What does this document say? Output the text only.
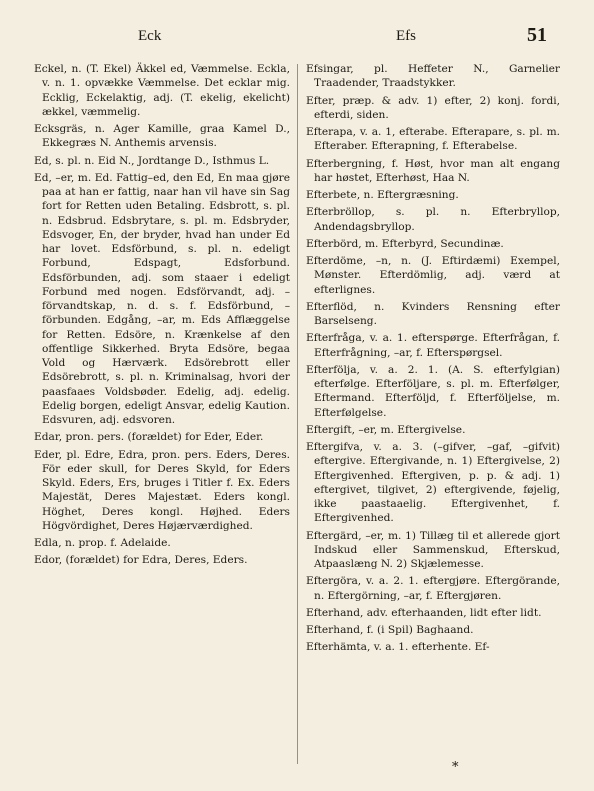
Eck	Efs	51

Eckel, n. (T. Ekel) Äkkel ed, Væmmelse. Eckla, v. n. 1. opvække Væmmelse. Det ecklar mig. Ecklig, Eckelaktig, adj. (T. ekelig, ekelicht) ækkel, væmmelig.

Ecksgräs, n. Ager Kamille, graa Kamel D., Ekkegræs N. Anthemis arvensis.

Ed, s. pl. n. Eid N., Jordtange D., Isthmus L.

Ed, –er, m. Ed. Fattig–ed, den Ed, En maa gjøre paa at han er fattig, naar han vil have sin Sag fort for Retten uden Betaling. Edsbrott, s. pl. n. Edsbrud. Edsbrytare, s. pl. m. Edsbryder, Edsvoger, En, der bryder, hvad han under Ed har lovet. Edsförbund, s. pl. n. edeligt Forbund, Edspagt, Edsforbund. Edsförbunden, adj. som staaer i edeligt Forbund med nogen. Edsförvandt, adj. –förvandtskap, n. d. s. f. Edsförbund, –förbunden. Edgång, –ar, m. Eds Afflæggelse for Retten. Edsöre, n. Krænkelse af den offentlige Sikkerhed. Bryta Edsöre, begaa Vold og Hærværk. Edsörebrott eller Edsörebrott, s. pl. n. Kriminalsag, hvori der paasfaaes Voldsbøder. Edelig, adj. edelig. Edelig borgen, edeligt Ansvar, edelig Kaution. Edsvuren, adj. edsvoren.

Edar, pron. pers. (forældet) for Eder, Eder.

Eder, pl. Edre, Edra, pron. pers. Eders, Deres. För eder skull, for Deres Skyld, for Eders Skyld. Eders, Ers, bruges i Titler f. Ex. Eders Majestät, Deres Majestæt. Eders kongl. Höghet, Deres kongl. Højhed. Eders Högvördighet, Deres Højærværdighed.

Edla, n. prop. f. Adelaide.

Edor, (forældet) for Edra, Deres, Eders.

Efsingar, pl. Heffeter N., Garnelier Traadender, Traadstykker.

Efter, præp. & adv. 1) efter, 2) konj. fordi, efterdi, siden.

Efterapa, v. a. 1, efterabe. Efterapare, s. pl. m. Efteraber. Efterapning, f. Efterabelse.

Efterbergning, f. Høst, hvor man alt engang har høstet, Efterhøst, Haa N.

Efterbete, n. Eftergræsning.

Efterbröllop, s. pl. n. Efterbryllop, Andendagsbryllop.

Efterbörd, m. Efterbyrd, Secundinæ.

Efterdöme, –n, n. (J. Eftirdæmi) Exempel, Mønster. Efterdömlig, adj. værd at efterlignes.

Efterflöd, n. Kvinders Rensning efter Barselseng.

Efterfråga, v. a. 1. efterspørge. Efterfrågan, f. Efterfrågning, –ar, f. Efterspørgsel.

Efterfölja, v. a. 2. 1. (A. S. efterfylgian) efterfølge. Efterföljare, s. pl. m. Efterfølger, Eftermand. Efterföljd, f. Efterföljelse, m. Efterfølgelse.

Eftergift, –er, m. Eftergivelse.

Eftergifva, v. a. 3. (–gifver, –gaf, –gifvit) eftergive. Eftergivande, n. 1) Eftergivelse, 2) Eftergivenhed. Eftergiven, p. p. & adj. 1) eftergivet, tilgivet, 2) eftergivende, føjelig, ikke paastaaelig. Eftergivenhet, f. Eftergivenhed.

Eftergärd, –er, m. 1) Tillæg til et allerede gjort Indskud eller Sammenskud, Efterskud, Atpaaslæng N. 2) Skjælemesse.

Eftergöra, v. a. 2. 1. eftergjøre. Eftergörande, n. Eftergörning, –ar, f. Eftergjøren.

Efterhand, adv. efterhaanden, lidt efter lidt.

Efterhand, f. (i Spil) Baghaand.

Efterhämta, v. a. 1. efterhente. Ef-

*
